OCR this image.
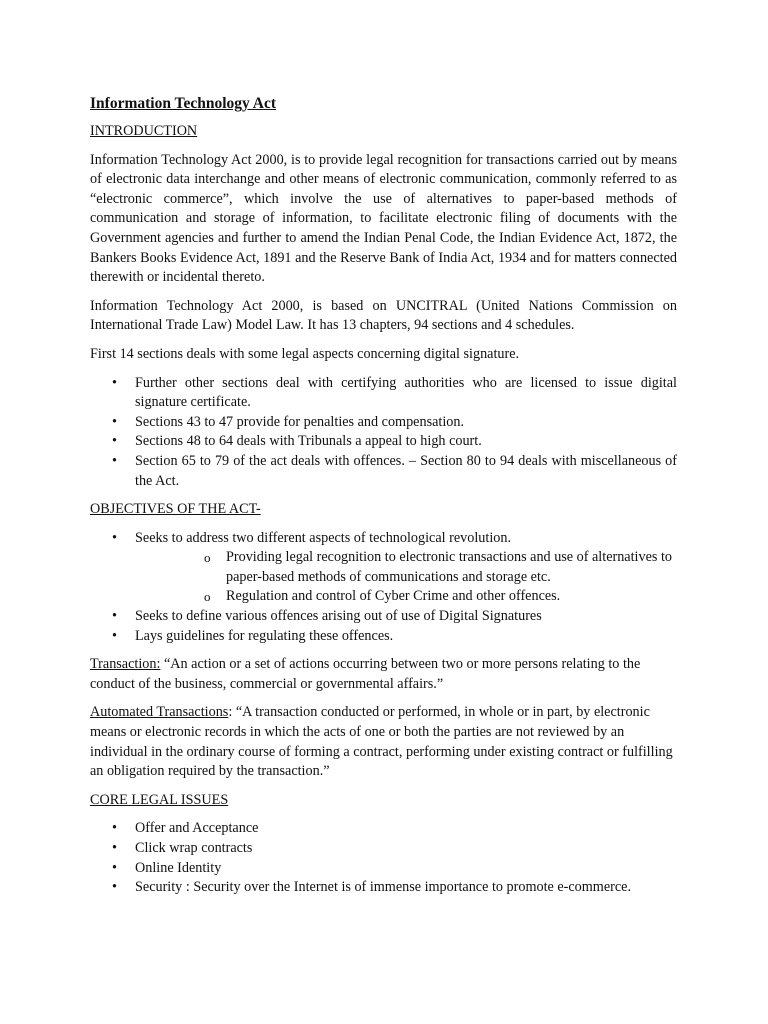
Information Technology Act
INTRODUCTION

Information Technology Act 2000, is to provide legal recognition for transactions carried out by means of electronic data interchange and other means of electronic communication, commonly referred to as “electronic commerce”, which involve the use of alternatives to paper-based methods of communication and storage of information, to facilitate electronic filing of documents with the Government agencies and further to amend the Indian Penal Code, the Indian Evidence Act, 1872, the Bankers Books Evidence Act, 1891 and the Reserve Bank of India Act, 1934 and for matters connected therewith or incidental thereto.

Information Technology Act 2000, is based on UNCITRAL (United Nations Commission on International Trade Law) Model Law. It has 13 chapters, 94 sections and 4 schedules.

First 14 sections deals with some legal aspects concerning digital signature.

• Further other sections deal with certifying authorities who are licensed to issue digital signature certificate.
• Sections 43 to 47 provide for penalties and compensation.
• Sections 48 to 64 deals with Tribunals a appeal to high court.
• Section 65 to 79 of the act deals with offences. – Section 80 to 94 deals with miscellaneous of the Act.
OBJECTIVES OF THE ACT-
• Seeks to address two different aspects of technological revolution.
o Providing legal recognition to electronic transactions and use of alternatives to paper-based methods of communications and storage etc.
o Regulation and control of Cyber Crime and other offences.
• Seeks to define various offences arising out of use of Digital Signatures
• Lays guidelines for regulating these offences.

Transaction: “An action or a set of actions occurring between two or more persons relating to the conduct of the business, commercial or governmental affairs.”

Automated Transactions: “A transaction conducted or performed, in whole or in part, by electronic means or electronic records in which the acts of one or both the parties are not reviewed by an individual in the ordinary course of forming a contract, performing under existing contract or fulfilling an obligation required by the transaction.”

CORE LEGAL ISSUES
• Offer and Acceptance
• Click wrap contracts
• Online Identity
• Security : Security over the Internet is of immense importance to promote e-commerce.
